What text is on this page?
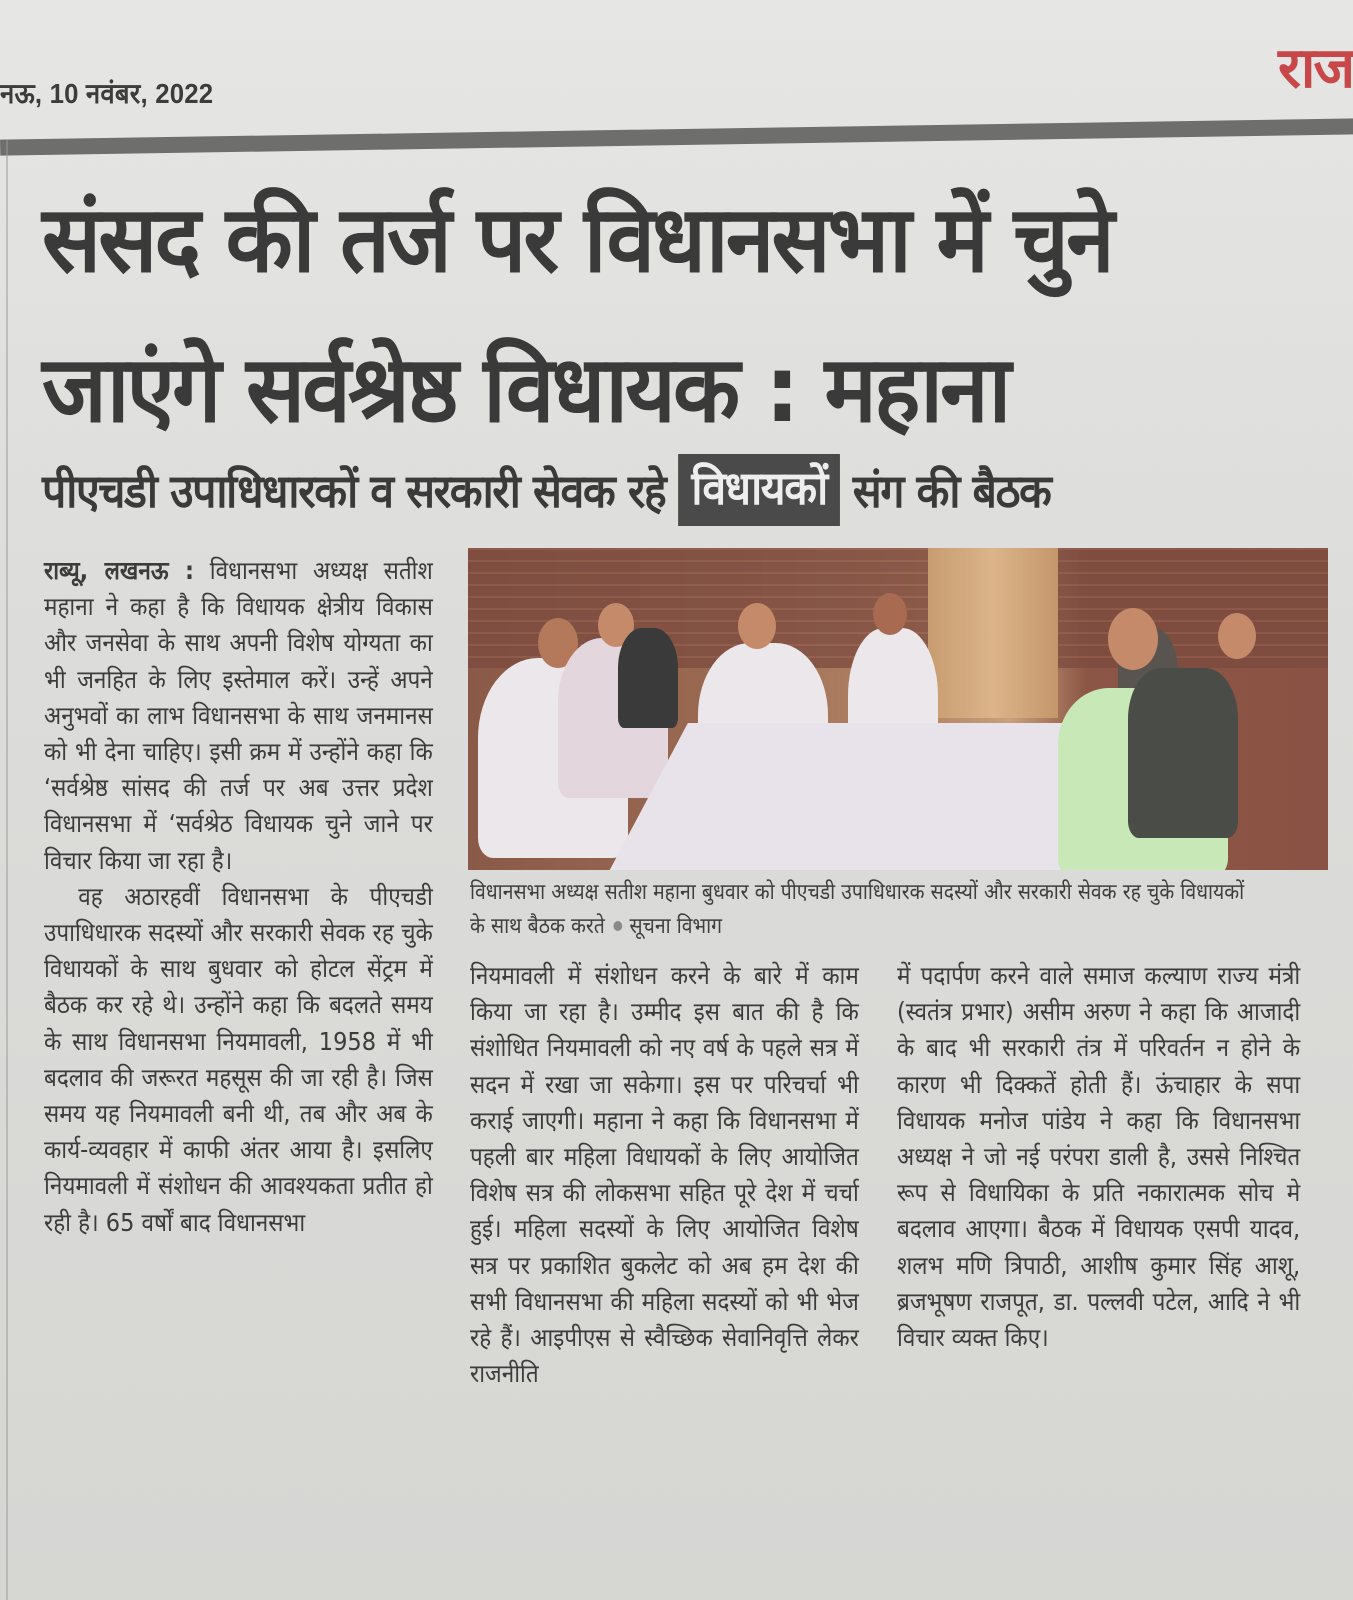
नऊ, 10 नवंबर, 2022	राज
संसद की तर्ज पर विधानसभा में चुने
जाएंगे सर्वश्रेष्ठ विधायक : महाना
पीएचडी उपाधिधारकों व सरकारी सेवक रहे विधायकों संग की बैठक

राब्यू, लखनऊ : विधानसभा अध्यक्ष सतीश महाना ने कहा है कि विधायक क्षेत्रीय विकास और जनसेवा के साथ अपनी विशेष योग्यता का भी जनहित के लिए इस्तेमाल करें। उन्हें अपने अनुभवों का लाभ विधानसभा के साथ जनमानस को भी देना चाहिए। इसी क्रम में उन्होंने कहा कि ‘सर्वश्रेष्ठ सांसद की तर्ज पर अब उत्तर प्रदेश विधानसभा में ‘सर्वश्रेठ विधायक चुने जाने पर विचार किया जा रहा है।

वह अठारहवीं विधानसभा के पीएचडी उपाधिधारक सदस्यों और सरकारी सेवक रह चुके विधायकों के साथ बुधवार को होटल सेंट्रम में बैठक कर रहे थे। उन्होंने कहा कि बदलते समय के साथ विधानसभा नियमावली, 1958 में भी बदलाव की जरूरत महसूस की जा रही है। जिस समय यह नियमावली बनी थी, तब और अब के कार्य-व्यवहार में काफी अंतर आया है। इसलिए नियमावली में संशोधन की आवश्यकता प्रतीत हो रही है। 65 वर्षों बाद विधानसभा

विधानसभा अध्यक्ष सतीश महाना बुधवार को पीएचडी उपाधिधारक सदस्यों और सरकारी सेवक रह चुके विधायकों के साथ बैठक करते सूचना विभाग

नियमावली में संशोधन करने के बारे में काम किया जा रहा है। उम्मीद इस बात की है कि संशोधित नियमावली को नए वर्ष के पहले सत्र में सदन में रखा जा सकेगा। इस पर परिचर्चा भी कराई जाएगी। महाना ने कहा कि विधानसभा में पहली बार महिला विधायकों के लिए आयोजित विशेष सत्र की लोकसभा सहित पूरे देश में चर्चा हुई। महिला सदस्यों के लिए आयोजित विशेष सत्र पर प्रकाशित बुकलेट को अब हम देश की सभी विधानसभा की महिला सदस्यों को भी भेज रहे हैं। आइपीएस से स्वैच्छिक सेवानिवृत्ति लेकर राजनीति

में पदार्पण करने वाले समाज कल्याण राज्य मंत्री (स्वतंत्र प्रभार) असीम अरुण ने कहा कि आजादी के बाद भी सरकारी तंत्र में परिवर्तन न होने के कारण भी दिक्कतें होती हैं। ऊंचाहार के सपा विधायक मनोज पांडेय ने कहा कि विधानसभा अध्यक्ष ने जो नई परंपरा डाली है, उससे निश्चित रूप से विधायिका के प्रति नकारात्मक सोच मे बदलाव आएगा। बैठक में विधायक एसपी यादव, शलभ मणि त्रिपाठी, आशीष कुमार सिंह आशू, ब्रजभूषण राजपूत, डा. पल्लवी पटेल, आदि ने भी विचार व्यक्त किए।
